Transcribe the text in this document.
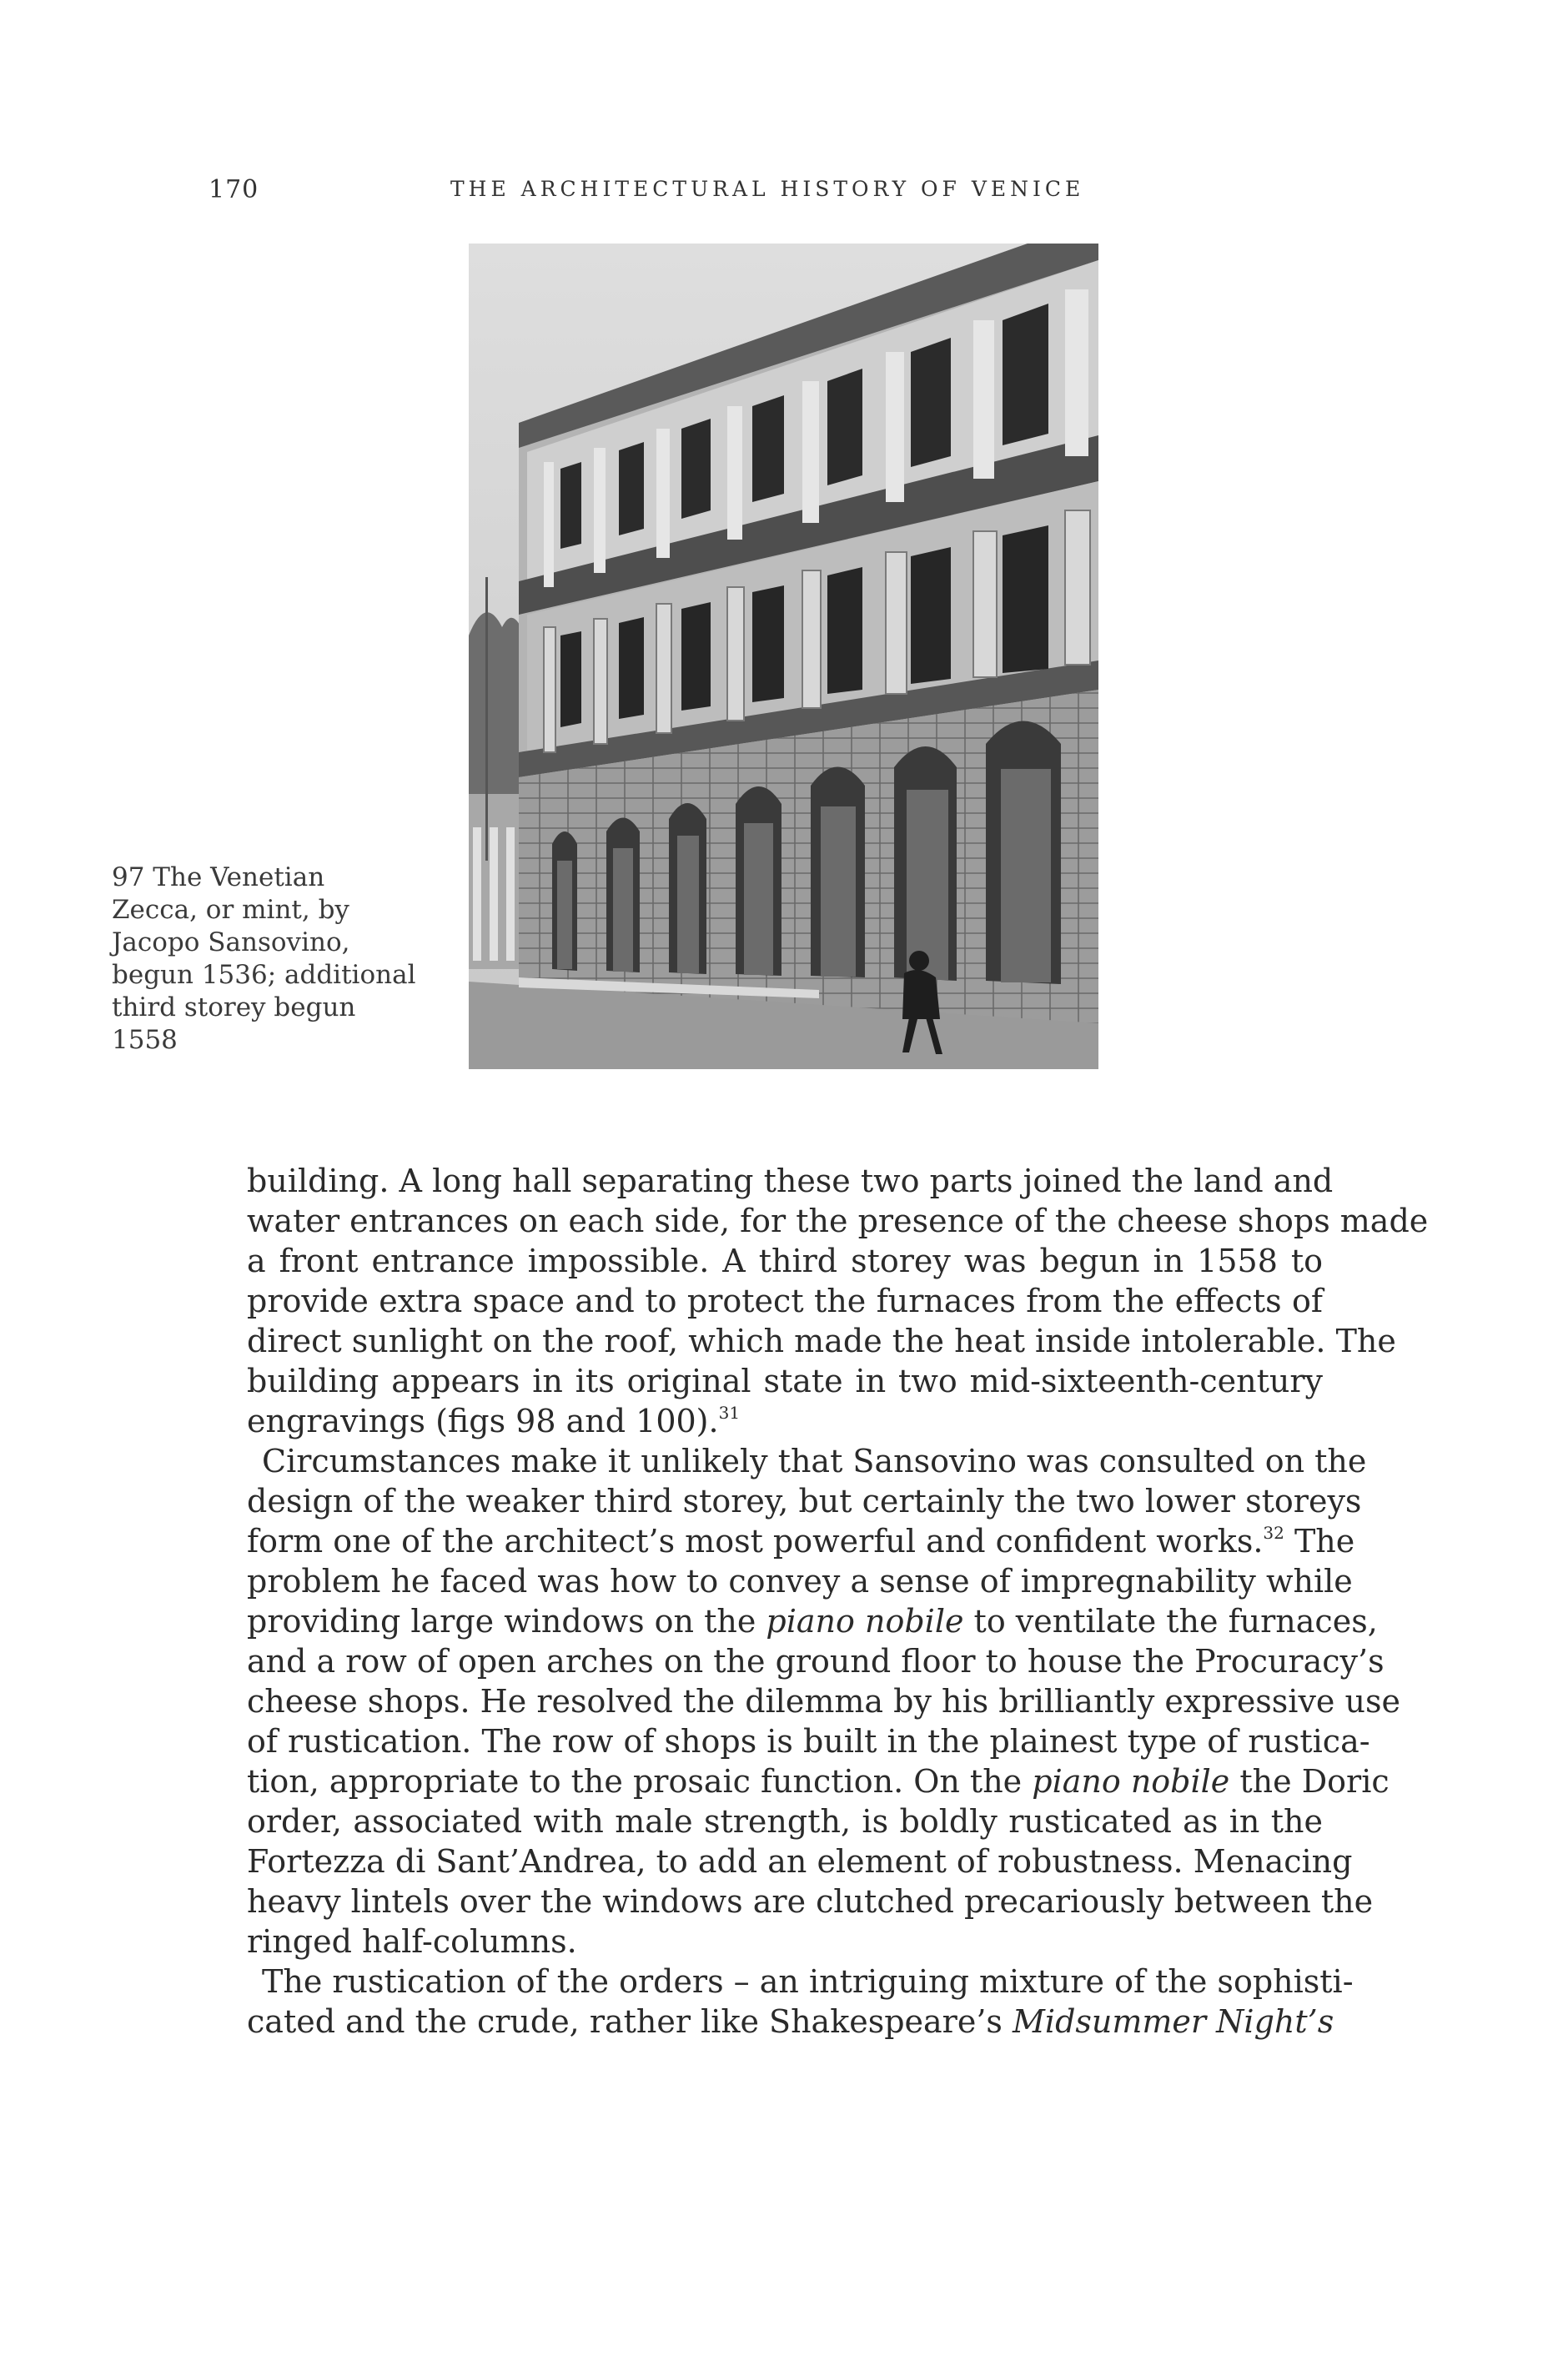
170	THE ARCHITECTURAL HISTORY OF VENICE
97 The Venetian
Zecca, or mint, by
Jacopo Sansovino,
begun 1536; additional
third storey begun
1558
building. A long hall separating these two parts joined the land and
water entrances on each side, for the presence of the cheese shops made
a front entrance impossible. A third storey was begun in 1558 to
provide extra space and to protect the furnaces from the effects of
direct sunlight on the roof, which made the heat inside intolerable. The
building appears in its original state in two mid-sixteenth-century
engravings (figs 98 and 100).$^{31}$
Circumstances make it unlikely that Sansovino was consulted on the
design of the weaker third storey, but certainly the two lower storeys
form one of the architect’s most powerful and confident works.$^{32}$ The
problem he faced was how to convey a sense of impregnability while
providing large windows on the piano nobile to ventilate the furnaces,
and a row of open arches on the ground floor to house the Procuracy’s
cheese shops. He resolved the dilemma by his brilliantly expressive use
of rustication. The row of shops is built in the plainest type of rustica-
tion, appropriate to the prosaic function. On the piano nobile the Doric
order, associated with male strength, is boldly rusticated as in the
Fortezza di Sant’Andrea, to add an element of robustness. Menacing
heavy lintels over the windows are clutched precariously between the
ringed half-columns.
The rustication of the orders – an intriguing mixture of the sophisti-
cated and the crude, rather like Shakespeare’s Midsummer Night’s
